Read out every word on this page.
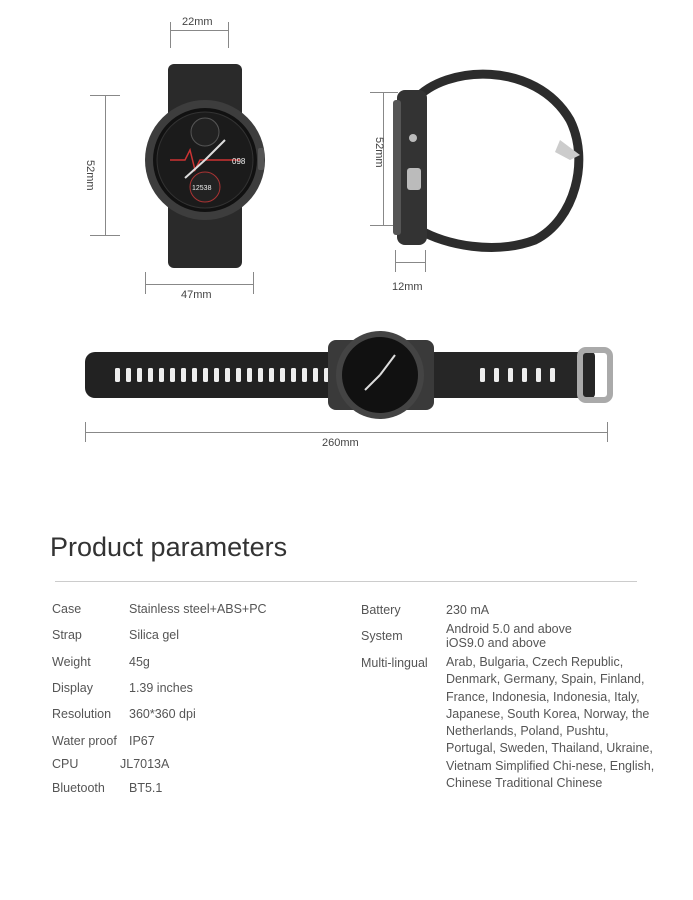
22mm
52mm
47mm
098
12538
52mm
12mm
260mm
Product parameters
Case	Stainless steel+ABS+PC
Strap	Silica gel
Weight	45g
Display	1.39 inches
Resolution 360*360 dpi
Water proof IP67
CPU	JL7013A
Bluetooth BT5.1
Battery	230 mA
System	Android 5.0 and above
iOS9.0 and above
Multi-lingual Arab, Bulgaria, Czech Republic, Denmark, Germany, Spain, Finland, France, Indonesia, Indonesia, Italy, Japanese, South Korea, Norway, the Netherlands, Poland, Pushtu, Portugal, Sweden, Thailand, Ukraine, Vietnam Simplified Chi-nese, English, Chinese Traditional Chinese
